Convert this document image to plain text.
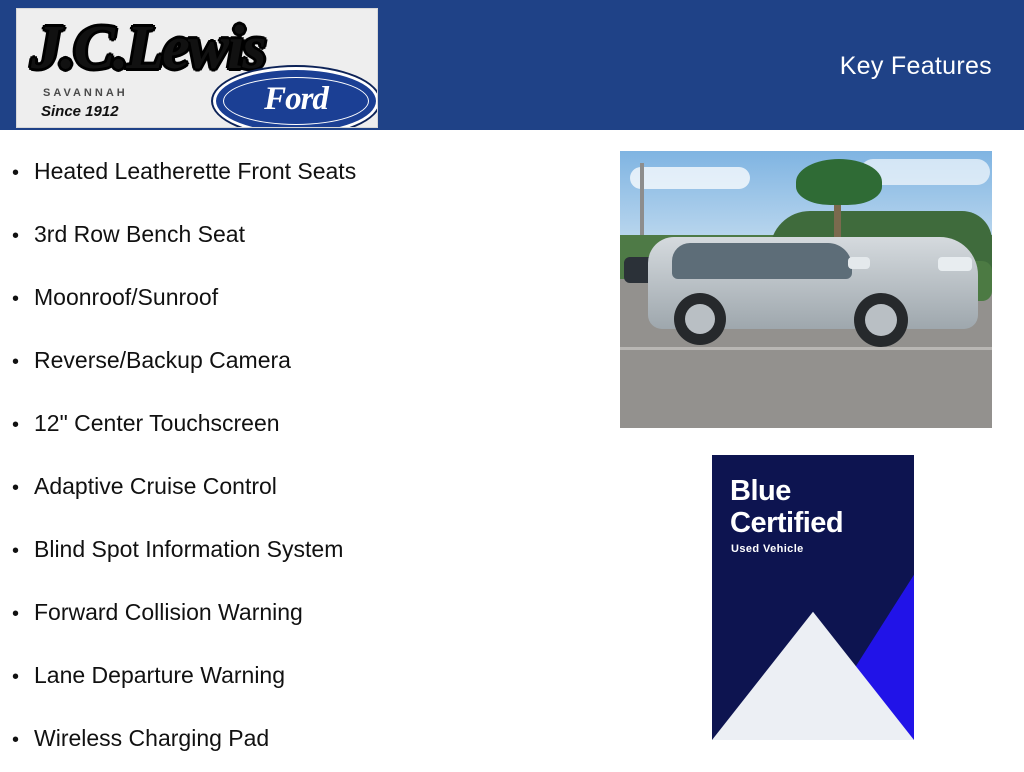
J.C.Lewis
SAVANNAH
Since 1912	Ford
Key Features
• Heated Leatherette Front Seats
• 3rd Row Bench Seat
• Moonroof/Sunroof
• Reverse/Backup Camera
• 12" Center Touchscreen
• Adaptive Cruise Control
• Blind Spot Information System
• Forward Collision Warning
• Lane Departure Warning
• Wireless Charging Pad
Blue
Certified
Used Vehicle
